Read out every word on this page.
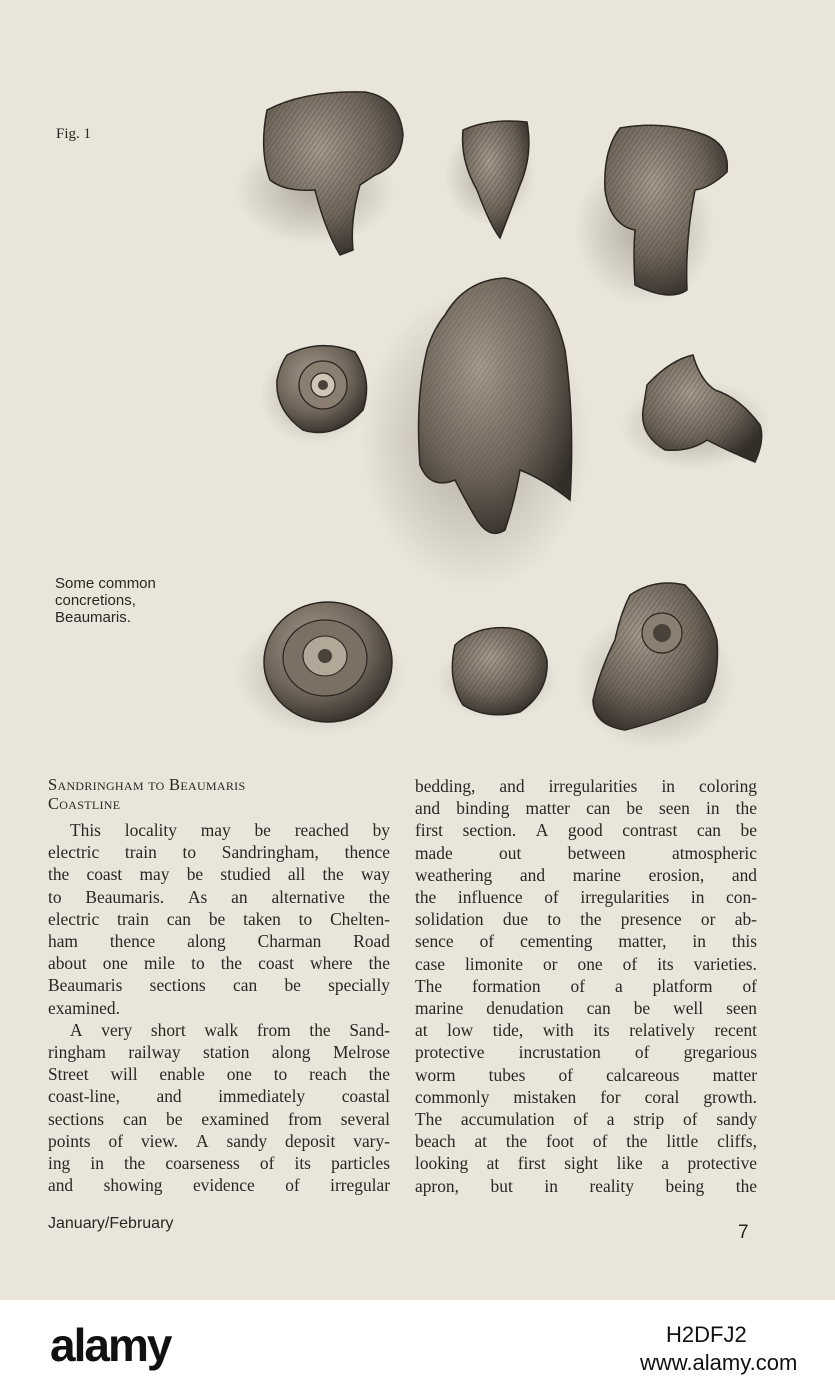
Fig. 1
Some common
concretions,
Beaumaris.
Sandringham to Beaumaris
Coastline
This locality may be reached by
electric train to Sandringham, thence
the coast may be studied all the way
to Beaumaris. As an alternative the
electric train can be taken to Chelten-
ham thence along Charman Road
about one mile to the coast where the
Beaumaris sections can be specially
examined.
A very short walk from the Sand-
ringham railway station along Melrose
Street will enable one to reach the
coast-line, and immediately coastal
sections can be examined from several
points of view. A sandy deposit vary-
ing in the coarseness of its particles
and showing evidence of irregular
bedding, and irregularities in coloring
and binding matter can be seen in the
first section. A good contrast can be
made	out	between	atmospheric
weathering and marine erosion, and
the influence of irregularities in con-
solidation due to the presence or ab-
sence of cementing matter, in this
case limonite or one of its varieties.
The formation of a platform of
marine denudation can be well seen
at low tide, with its relatively recent
protective incrustation of gregarious
worm tubes of calcareous matter
commonly mistaken for coral growth.
The accumulation of a strip of sandy
beach at the foot of the little cliffs,
looking at first sight like a protective
apron, but in reality being the
January/February	7
alamy	H2DFJ2
www.alamy.com
